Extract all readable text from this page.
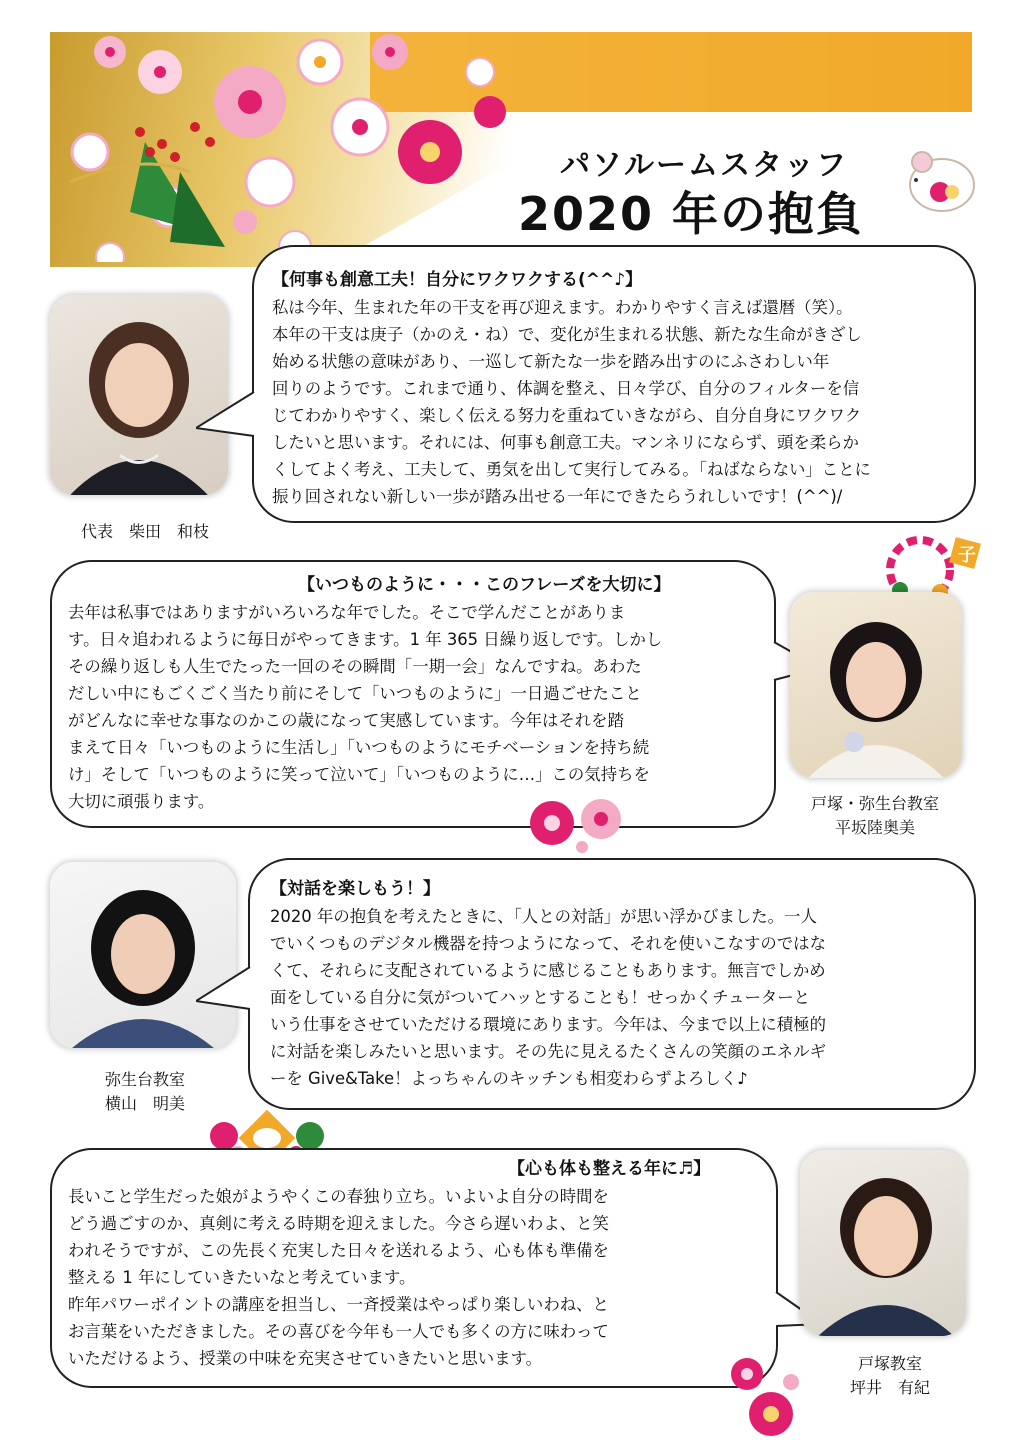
パソルームスタッフ
2020 年の抱負
代表　柴田　和枝
【何事も創意工夫！自分にワクワクする(^^♪】

私は今年、生まれた年の干支を再び迎えます。わかりやすく言えば還暦（笑）。

本年の干支は庚子（かのえ・ね）で、変化が生まれる状態、新たな生命がきざし

始める状態の意味があり、一巡して新たな一歩を踏み出すのにふさわしい年

回りのようです。これまで通り、体調を整え、日々学び、自分のフィルターを信

じてわかりやすく、楽しく伝える努力を重ねていきながら、自分自身にワクワク

したいと思います。それには、何事も創意工夫。マンネリにならず、頭を柔らか

くしてよく考え、工夫して、勇気を出して実行してみる。「ねばならない」ことに

振り回されない新しい一歩が踏み出せる一年にできたらうれしいです！(^^)/

子
【いつものように・・・このフレーズを大切に】

去年は私事ではありますがいろいろな年でした。そこで学んだことがありま

す。日々追われるように毎日がやってきます。1 年 365 日繰り返しです。しかし

その繰り返しも人生でたった一回のその瞬間「一期一会」なんですね。あわた

だしい中にもごくごく当たり前にそして「いつものように」一日過ごせたこと

がどんなに幸せな事なのかこの歳になって実感しています。今年はそれを踏

まえて日々「いつものように生活し」「いつものようにモチベーションを持ち続

け」そして「いつものように笑って泣いて」「いつものように…」この気持ちを

大切に頑張ります。	戸塚・弥生台教室
平坂陸奥美
弥生台教室
横山　明美
【対話を楽しもう！】

2020 年の抱負を考えたときに、「人との対話」が思い浮かびました。一人

でいくつものデジタル機器を持つようになって、それを使いこなすのではな

くて、それらに支配されているように感じることもあります。無言でしかめ

面をしている自分に気がついてハッとすることも！せっかくチューターと

いう仕事をさせていただける環境にあります。今年は、今まで以上に積極的

に対話を楽しみたいと思います。その先に見えるたくさんの笑顔のエネルギ

ーを Give&Take！よっちゃんのキッチンも相変わらずよろしく♪

【心も体も整える年に♬】

長いこと学生だった娘がようやくこの春独り立ち。いよいよ自分の時間を

どう過ごすのか、真剣に考える時期を迎えました。今さら遅いわよ、と笑

われそうですが、この先長く充実した日々を送れるよう、心も体も準備を

整える 1 年にしていきたいなと考えています。

昨年パワーポイントの講座を担当し、一斉授業はやっぱり楽しいわね、と

お言葉をいただきました。その喜びを今年も一人でも多くの方に味わって

いただけるよう、授業の中味を充実させていきたいと思います。	戸塚教室
坪井　有紀
